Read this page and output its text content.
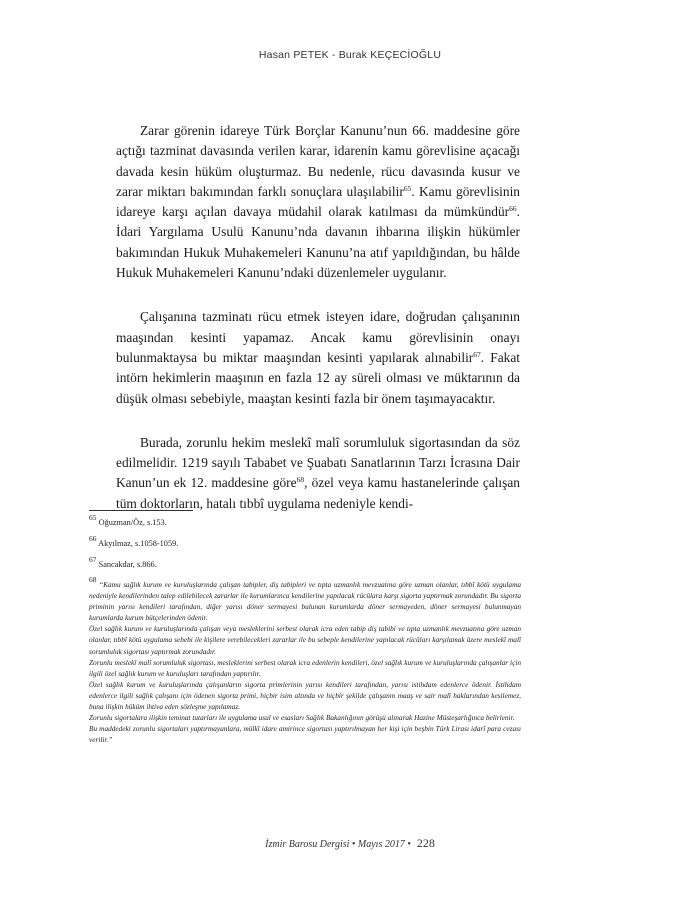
Hasan PETEK - Burak KEÇECİOĞLU

Zarar görenin idareye Türk Borçlar Kanunu’nun 66. maddesine göre açtığı tazminat davasında verilen karar, idarenin kamu görevlisine açacağı davada kesin hüküm oluşturmaz. Bu nedenle, rücu davasında kusur ve zarar miktarı bakımından farklı sonuçlara ulaşılabilir$^{65}$. Kamu görevlisinin idareye karşı açılan davaya müdahil olarak katılması da mümkündür$^{66}$. İdari Yargılama Usulü Kanunu’nda davanın ihbarına ilişkin hükümler bakımından Hukuk Muhakemeleri Kanunu’na atıf yapıldığından, bu hâlde Hukuk Muhakemeleri Kanunu’ndaki düzenlemeler uygulanır.

Çalışanına tazminatı rücu etmek isteyen idare, doğrudan çalışanının maaşından kesinti yapamaz. Ancak kamu görevlisinin onayı bulunmaktaysa bu miktar maaşından kesinti yapılarak alınabilir$^{67}$. Fakat intörn hekimlerin maaşının en fazla 12 ay süreli olması ve müktarının da düşük olması sebebiyle, maaştan kesinti fazla bir önem taşımayacaktır.

Burada, zorunlu hekim meslekî malî sorumluluk sigortasından da söz edilmelidir. 1219 sayılı Tababet ve Şuabatı Sanatlarının Tarzı İcrasına Dair Kanun’un ek 12. maddesine göre$^{68}$, özel veya kamu hastanelerinde çalışan tüm doktorların, hatalı tıbbî uygulama nedeniyle kendi-

$^{65}$ Oğuzman/Öz, s.153.
$^{66}$ Akyılmaz, s.1058-1059.
$^{67}$ Sancakdar, s.866.
$^{68}$ “Kamu sağlık kurum ve kuruluşlarında çalışan tabipler, diş tabipleri ve tıpta uzmanlık mevzuatına göre uzman olanlar, tıbbî kötü uygulama nedeniyle kendilerinden talep edilebilecek zararlar ile kurumlarınca kendilerine yapılacak rücûlara karşı sigorta yaptırmak zorundadır. Bu sigorta priminin yarısı kendileri tarafından, diğer yarısı döner sermayesi bulunan kurumlarda döner sermayeden, döner sermayesi bulunmayan kurumlarda kurum bütçelerinden ödenir.
Özel sağlık kurum ve kuruluşlarında çalışan veya mesleklerini serbest olarak icra eden tabip diş tabibi ve tıpta uzmanlık mevzuatına göre uzman olanlar, tıbbî kötü uygulama sebebi ile kişilere verebilecekleri zararlar ile bu sebeple kendilerine yapılacak rücûları karşılamak üzere meslekî malî sorumluluk sigortası yaptırmak zorundadır.
Zorunlu meslekî malî sorumluluk sigortası, mesleklerini serbest olarak icra edenlerin kendileri, özel sağlık kurum ve kuruluşlarında çalışanlar için ilgili özel sağlık kurum ve kuruluşları tarafından yaptırılır.
Özel sağlık kurum ve kuruluşlarında çalışanların sigorta primlerinin yarısı kendileri tarafından, yarısı istihdam edenlerce ödenir. İstihdam edenlerce ilgili sağlık çalışanı için ödenen sigorta primi, hiçbir isim altında ve hiçbir şekilde çalışanın maaş ve sair malî haklarından kesilemez, buna ilişkin hüküm ihtiva eden sözleşme yapılamaz.
Zorunlu sigortalara ilişkin teminat tutarları ile uygulama usul ve esasları Sağlık Bakanlığının görüşü alınarak Hazine Müsteşarlığınca belirlenir.
Bu maddedeki zorunlu sigortaları yaptırmayanlara, mülkî idare amirince sigortası yaptırılmayan her kişi için beşbin Türk Lirası idarî para cezası verilir.”
İzmir Barosu Dergisi • Mayıs 2017 • 228
